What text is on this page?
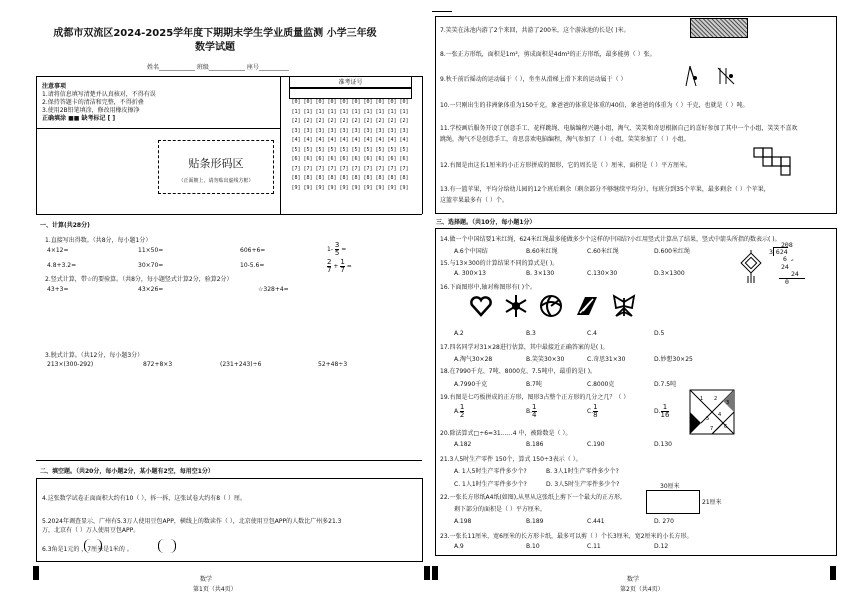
成都市双流区2024-2025学年度下期期末学生学业质量监测 小学三年级 数学试题
姓名____________ 班级____________ 座号__________
注意事项
1.请将信息填写清楚并认真核对，不得有误
2.保持答题卡的清洁和完整，不得折叠
3.使用2B铅笔填涂，修改用橡皮擦净
正确填涂 ■■ 缺考标记 [ ]
贴条形码区
（正面朝上，请勿贴出虚线方框）
准考证号
[0] [0] [0] [0] [0] [0] [0] [0] [0] [0]
[1] [1] [1] [1] [1] [1] [1] [1] [1] [1]
[2] [2] [2] [2] [2] [2] [2] [2] [2] [2]
[3] [3] [3] [3] [3] [3] [3] [3] [3] [3]
[4] [4] [4] [4] [4] [4] [4] [4] [4] [4]
[5] [5] [5] [5] [5] [5] [5] [5] [5] [5]
[6] [6] [6] [6] [6] [6] [6] [6] [6] [6]
[7] [7] [7] [7] [7] [7] [7] [7] [7] [7]
[8] [8] [8] [8] [8] [8] [8] [8] [8] [8]
[9] [9] [9] [9] [9] [9] [9] [9] [9] [9]
一、计算(共28分)
1.直接写出得数。（共8分，每小题1分）
4×12=	11×50=	606+6=	$1- \frac{3}{5}$ =
4.8+3.2=	30×70=	10-5.6=	$\frac{2}{7} + \frac{1}{7}$ =
2.竖式计算，带☆的要验算。（共8分，每小题竖式计算2分，验算2分）
43+3=	43×26=	☆328+4=
3.脱式计算。（共12分，每小题3分）
213×(300-292)	872+8×3	(231+243)÷6	52+48÷3
二、填空题。（共20分，每小题2分，某小题有2空，每用空1分）
4.这张数学试卷正面面积大约有10（ ），拆一拆，这张试卷大约有8（ ）厘。
5.2024年调查显示，广州有5.3万人使用豆包APP，横线上的数读作（ ），北京使用豆包APP的人数比广州多21.3
万，北京有（ ）万人使用豆包APP。
6.3角是1元的 ，7厘米是1米的 。
数学
第1页（共4页）
7.笑笑在泳池内游了2个来回，共游了200米，这个游泳池的长是( )米。
8.一张正方形纸，面积是1m²，剪成面积是4dm²的正方形纸，最多能剪（ ）张。
9.秋千前后摇动的运动属于（ ），坐坐从滑梯上滑下来的运动属于（ ）
10.一只刚出生的非洲象体重为150千克，象爸爸的体重是体重的40倍，象爸爸的体重为（ ）千克，也就是（ ）吨。
11.学校画后服务开设了创意手工、花样跳绳、电脑编程兴趣小组，淘气、笑笑和奇思根据自己的喜好参加了其中一个小组，笑笑不喜欢
跳绳，淘气不是创意手工，奇思喜欢电脑编程，淘气参加了（ ）小组，笑笑参加了（ ）小组。
12.右图是由这长1厘米的小正方形拼成的图形，它的周长是（ ）厘米，面积是（ ）平方厘米。
13.有一篮苹果，平均分给幼儿园的12个班后剩余（剩余部分不够继续平均分），每班分到35个苹果，最多剩余（ ）个苹果，
这篮苹果最多有（ ）个。
三、选择题。（共10分，每小题1分）
14.做一个中国结要1米红绳，624米红绳最多能做多少个这样的中国结?小红用竖式计算出了结果，竖式中箭头所指的数表示( )。
A.6个中国结	B.60米红绳	C.60米红绳	D.600米红绳
208
3 624
6 ↙
24
24
0
15.与13×300的计算结果不同的算式是( )。
A. 300×13	B. 3×130	C.130×30	D.3×1300
16.下面图形中,轴对称图形有( )个。
A.2	B.3	C.4	D.5
17.四名同学对31×28进行估算，其中最接近正确答案的是( )。
A.淘气30×28	B.笑笑30×30	C.奇思31×30	D.妙想30×25
18.在7990千克、7吨、8000克、7.5吨中，最重的是( )。
A.7990千克	B.7吨	C.8000克	D.7.5吨
19.右图是七巧板拼成的正方形，图形3占整个正方形的几分之几？（ ）
A. $\frac{1}{2}$	B. $\frac{1}{4}$	C. $\frac{1}{8}$	D. $\frac{1}{16}$
1 2
3
4
5
6
7
20.除法算式□÷6=31……4 中，被除数是（ ）。
A.182	B.186	C.190	D.130
21.3人5时生产零件 150个，算式 150÷3表示（ ）。
A. 1人5时生产零件多少个?	B. 3人1时生产零件多少个?
C. 1人1时生产零件多少个?	D. 3人5时生产零件多少个?
22.一张长方形纸A4纸(如图),从里从这张纸上剪下一个最大的正方形,
剩下部分的面积是（ ）平方厘米。
30厘米
21厘米
A.198	B.189	C.441	D. 270
23.一张长11厘米，宽6厘米的长方形卡纸，最多可以剪（ ）个长3厘米，宽2厘米的小长方形。
A.9	B.10	C.11	D.12
数学
第2页（共4页）
